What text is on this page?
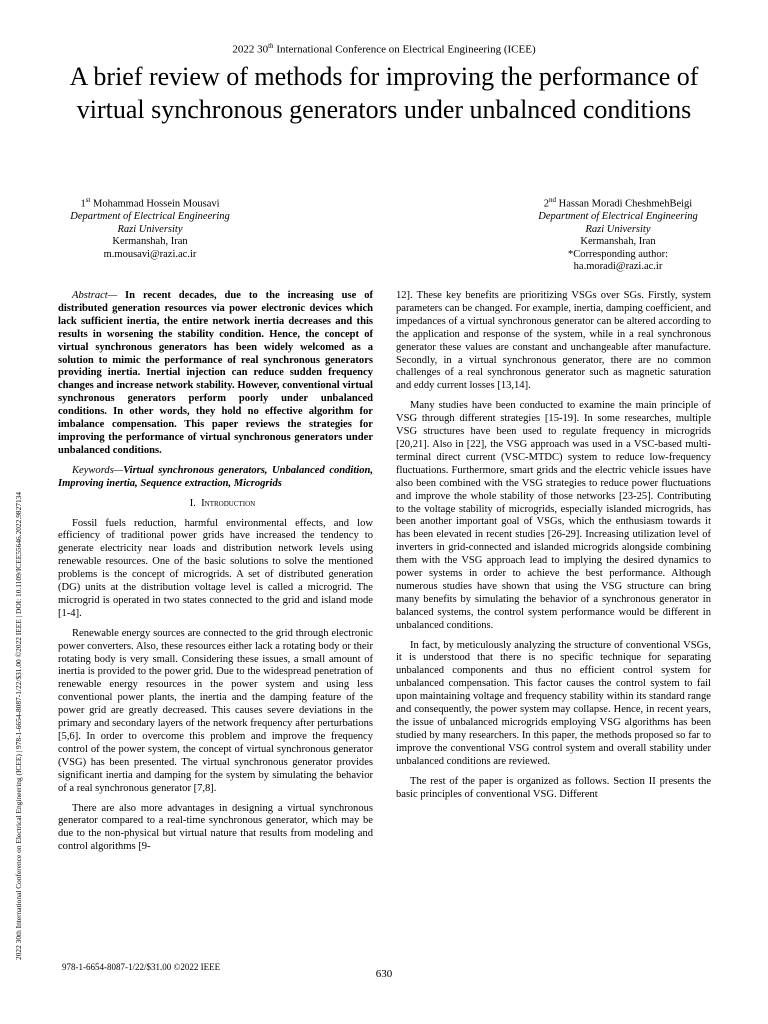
2022 30th International Conference on Electrical Engineering (ICEE)
A brief review of methods for improving the performance of virtual synchronous generators under unbalnced conditions
2022 30th International Conference on Electrical Engineering (ICEE) | 978-1-6654-8087-1/22/$31.00 ©2022 IEEE | DOI: 10.1109/ICEE55646.2022.9827134
1st Mohammad Hossein Mousavi
Department of Electrical Engineering
Razi University
Kermanshah, Iran
m.mousavi@razi.ac.ir
2nd Hassan Moradi CheshmehBeigi
Department of Electrical Engineering
Razi University
Kermanshah, Iran
*Corresponding author:
ha.moradi@razi.ac.ir

Abstract— In recent decades, due to the increasing use of distributed generation resources via power electronic devices which lack sufficient inertia, the entire network inertia decreases and this results in worsening the stability condition. Hence, the concept of virtual synchronous generators has been widely welcomed as a solution to mimic the performance of real synchronous generators providing inertia. Inertial injection can reduce sudden frequency changes and increase network stability. However, conventional virtual synchronous generators perform poorly under unbalanced conditions. In other words, they hold no effective algorithm for imbalance compensation. This paper reviews the strategies for improving the performance of virtual synchronous generators under unbalanced conditions.

Keywords—Virtual synchronous generators, Unbalanced condition, Improving inertia, Sequence extraction, Microgrids

I. Introduction

Fossil fuels reduction, harmful environmental effects, and low efficiency of traditional power grids have increased the tendency to generate electricity near loads and distribution network levels using renewable resources. One of the basic solutions to solve the mentioned problems is the concept of microgrids. A set of distributed generation (DG) units at the distribution voltage level is called a microgrid. The microgrid is operated in two states connected to the grid and island mode [1-4].

Renewable energy sources are connected to the grid through electronic power converters. Also, these resources either lack a rotating body or their rotating body is very small. Considering these issues, a small amount of inertia is provided to the power grid. Due to the widespread penetration of renewable energy resources in the power system and using less conventional power plants, the inertia and the damping feature of the power grid are greatly decreased. This causes severe deviations in the primary and secondary layers of the network frequency after perturbations [5,6]. In order to overcome this problem and improve the frequency control of the power system, the concept of virtual synchronous generator (VSG) has been presented. The virtual synchronous generator provides significant inertia and damping for the system by simulating the behavior of a real synchronous generator [7,8].

There are also more advantages in designing a virtual synchronous generator compared to a real-time synchronous generator, which may be due to the non-physical but virtual nature that results from modeling and control algorithms [9-

12]. These key benefits are prioritizing VSGs over SGs. Firstly, system parameters can be changed. For example, inertia, damping coefficient, and impedances of a virtual synchronous generator can be altered according to the application and response of the system, while in a real synchronous generator these values are constant and unchangeable after manufacture. Secondly, in a virtual synchronous generator, there are no common challenges of a real synchronous generator such as magnetic saturation and eddy current losses [13,14].

Many studies have been conducted to examine the main principle of VSG through different strategies [15-19]. In some researches, multiple VSG structures have been used to regulate frequency in microgrids [20,21]. Also in [22], the VSG approach was used in a VSC-based multi-terminal direct current (VSC-MTDC) system to reduce low-frequency fluctuations. Furthermore, smart grids and the electric vehicle issues have also been combined with the VSG strategies to reduce power fluctuations and improve the whole stability of those networks [23-25]. Contributing to the voltage stability of microgrids, especially islanded microgrids, has been another important goal of VSGs, which the enthusiasm towards it has been elevated in recent studies [26-29]. Increasing utilization level of inverters in grid-connected and islanded microgrids alongside combining them with the VSG approach lead to implying the desired dynamics to power systems in order to achieve the best performance. Although numerous studies have shown that using the VSG structure can bring many benefits by simulating the behavior of a synchronous generator in balanced systems, the control system performance would be different in unbalanced conditions.

In fact, by meticulously analyzing the structure of conventional VSGs, it is understood that there is no specific technique for separating unbalanced components and thus no efficient control system for unbalanced compensation. This factor causes the control system to fail upon maintaining voltage and frequency stability within its standard range and consequently, the power system may collapse. Hence, in recent years, the issue of unbalanced microgrids employing VSG algorithms has been studied by many researchers. In this paper, the methods proposed so far to improve the conventional VSG control system and overall stability under unbalanced conditions are reviewed.

The rest of the paper is organized as follows. Section II presents the basic principles of conventional VSG. Different

978-1-6654-8087-1/22/$31.00 ©2022 IEEE
630
